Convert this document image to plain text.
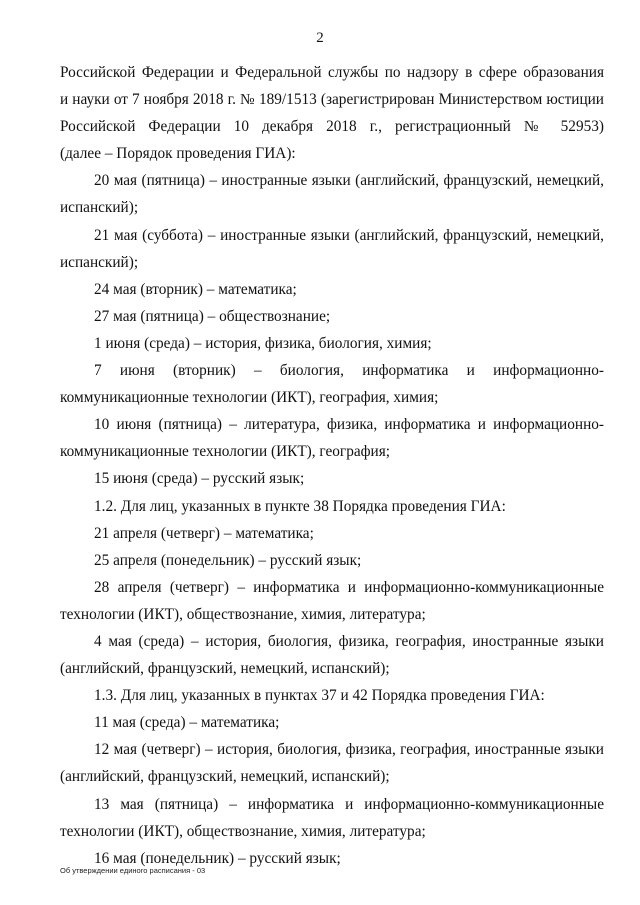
2
Российской Федерации и Федеральной службы по надзору в сфере образования
и науки от 7 ноября 2018 г. № 189/1513 (зарегистрирован Министерством юстиции
Российской Федерации 10 декабря 2018 г., регистрационный № 52953)
(далее – Порядок проведения ГИА):
20 мая (пятница) – иностранные языки (английский, французский, немецкий,
испанский);
21 мая (суббота) – иностранные языки (английский, французский, немецкий,
испанский);
24 мая (вторник) – математика;
27 мая (пятница) – обществознание;
1 июня (среда) – история, физика, биология, химия;
7 июня (вторник) – биология, информатика и информационно-
коммуникационные технологии (ИКТ), география, химия;
10 июня (пятница) – литература, физика, информатика и информационно-
коммуникационные технологии (ИКТ), география;
15 июня (среда) – русский язык;
1.2. Для лиц, указанных в пункте 38 Порядка проведения ГИА:
21 апреля (четверг) – математика;
25 апреля (понедельник) – русский язык;
28 апреля (четверг) – информатика и информационно-коммуникационные
технологии (ИКТ), обществознание, химия, литература;
4 мая (среда) – история, биология, физика, география, иностранные языки
(английский, французский, немецкий, испанский);
1.3. Для лиц, указанных в пунктах 37 и 42 Порядка проведения ГИА:
11 мая (среда) – математика;
12 мая (четверг) – история, биология, физика, география, иностранные языки
(английский, французский, немецкий, испанский);
13 мая (пятница) – информатика и информационно-коммуникационные
технологии (ИКТ), обществознание, химия, литература;
16 мая (понедельник) – русский язык;
Об утверждении единого расписания - 03
